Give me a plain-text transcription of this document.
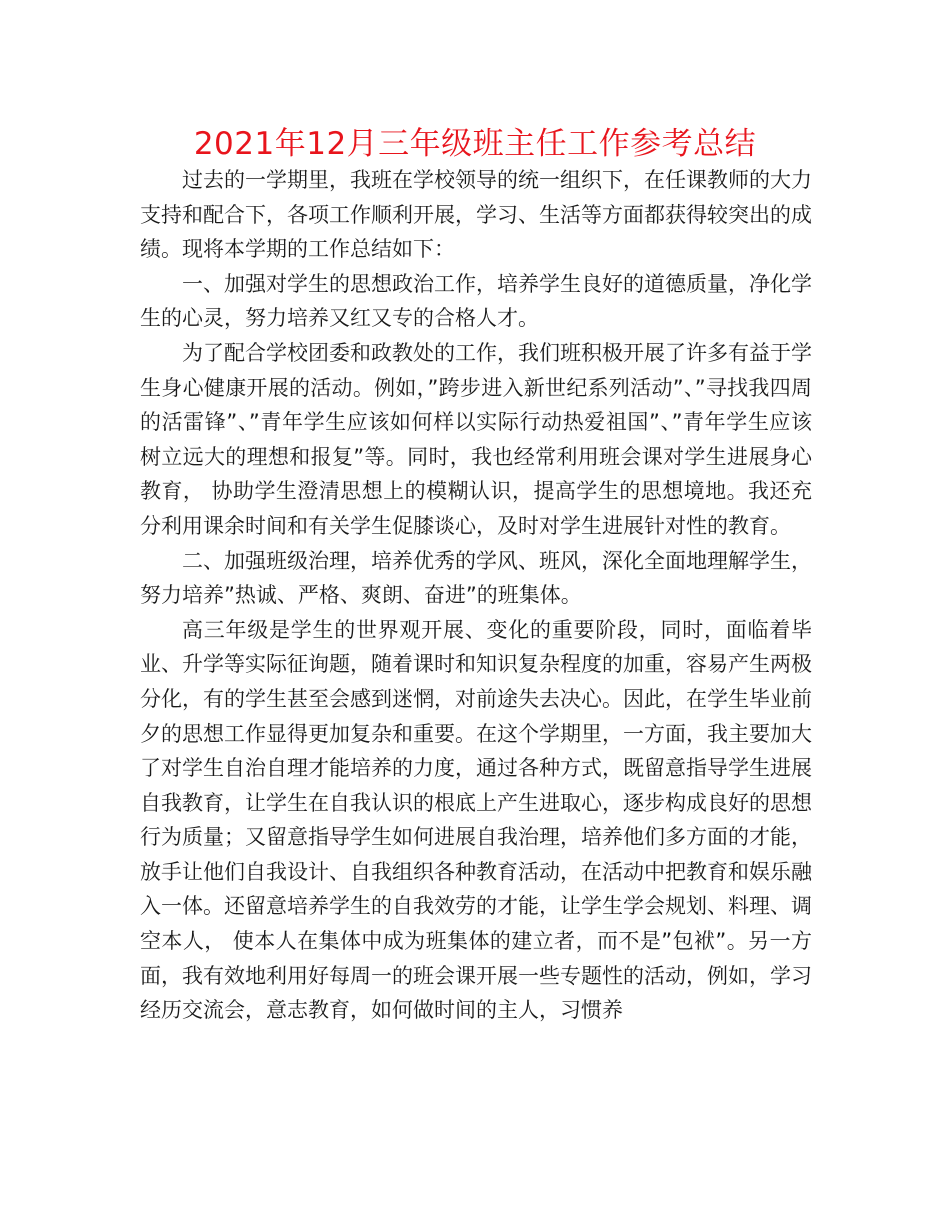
2021年12月三年级班主任工作参考总结

过去的一学期里，我班在学校领导的统一组织下，在任课教师的大力支持和配合下，各项工作顺利开展，学习、生活等方面都获得较突出的成绩。现将本学期的工作总结如下：

一、加强对学生的思想政治工作，培养学生良好的道德质量，净化学生的心灵，努力培养又红又专的合格人才。

为了配合学校团委和政教处的工作，我们班积极开展了许多有益于学生身心健康开展的活动。例如，”跨步进入新世纪系列活动”、”寻找我四周的活雷锋”、”青年学生应该如何样以实际行动热爱祖国”、”青年学生应该树立远大的理想和报复”等。同时，我也经常利用班会课对学生进展身心教育， 协助学生澄清思想上的模糊认识，提高学生的思想境地。我还充分利用课余时间和有关学生促膝谈心，及时对学生进展针对性的教育。

二、加强班级治理，培养优秀的学风、班风，深化全面地理解学生，努力培养”热诚、严格、爽朗、奋进”的班集体。

高三年级是学生的世界观开展、变化的重要阶段，同时，面临着毕业、升学等实际征询题，随着课时和知识复杂程度的加重，容易产生两极分化，有的学生甚至会感到迷惘，对前途失去决心。因此，在学生毕业前夕的思想工作显得更加复杂和重要。在这个学期里，一方面，我主要加大了对学生自治自理才能培养的力度，通过各种方式，既留意指导学生进展自我教育，让学生在自我认识的根底上产生进取心，逐步构成良好的思想行为质量；又留意指导学生如何进展自我治理，培养他们多方面的才能，放手让他们自我设计、自我组织各种教育活动，在活动中把教育和娱乐融入一体。还留意培养学生的自我效劳的才能，让学生学会规划、料理、调空本人， 使本人在集体中成为班集体的建立者，而不是”包袱”。另一方面，我有效地利用好每周一的班会课开展一些专题性的活动，例如，学习经历交流会，意志教育，如何做时间的主人，习惯养
